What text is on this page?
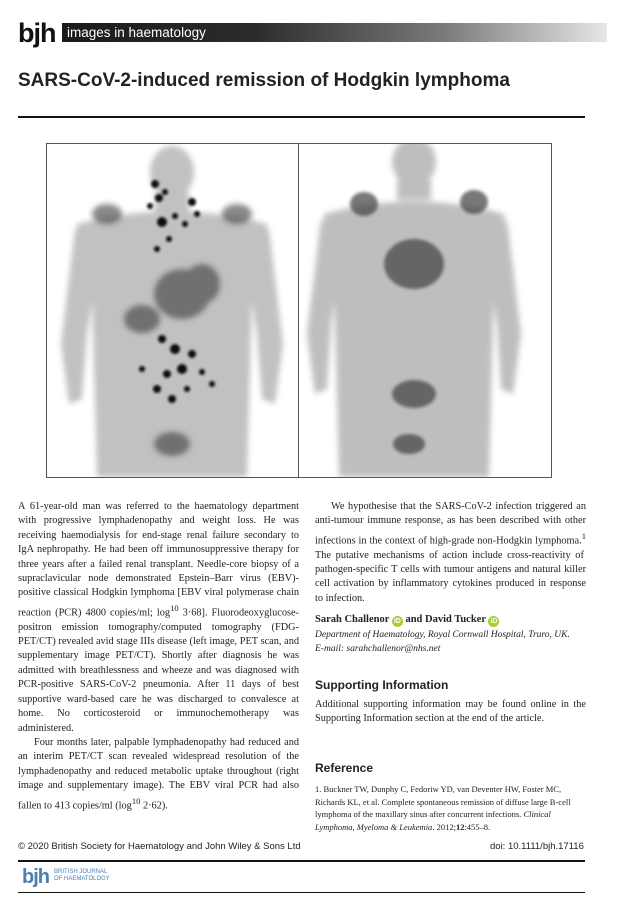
bjh images in haematology
SARS-CoV-2-induced remission of Hodgkin lymphoma

A 61-year-old man was referred to the haematology department with progressive lymphadenopathy and weight loss. He was receiving haemodialysis for end-stage renal failure secondary to IgA nephropathy. He had been off immunosuppressive therapy for three years after a failed renal transplant. Needle-core biopsy of a supraclavicular node demonstrated Epstein–Barr virus (EBV)-positive classical Hodgkin lymphoma [EBV viral polymerase chain reaction (PCR) 4800 copies/ml; $\log^{10} 3\cdot 68$]. Fluorodeoxyglucose-positron emission tomography/computed tomography (FDG-PET/CT) revealed avid stage IIIs disease (left image, PET scan, and supplementary image PET/CT). Shortly after diagnosis he was admitted with breathlessness and wheeze and was diagnosed with PCR-positive SARS-CoV-2 pneumonia. After 11 days of best supportive ward-based care he was discharged to convalesce at home. No corticosteroid or immunochemotherapy was administered.

Four months later, palpable lymphadenopathy had reduced and an interim PET/CT scan revealed widespread resolution of the lymphadenopathy and reduced metabolic uptake throughout (right image and supplementary image). The EBV viral PCR had also fallen to 413 copies/ml ($\log^{10}$ 2·62).

We hypothesise that the SARS-CoV-2 infection triggered an anti-tumour immune response, as has been described with other infections in the context of high-grade non-Hodgkin lymphoma.$^1$ The putative mechanisms of action include cross-reactivity of pathogen-specific T cells with tumour antigens and natural killer cell activation by inflammatory cytokines produced in response to infection.

Sarah Challenor iD and David Tucker iD

Department of Haematology, Royal Cornwall Hospital, Truro, UK.

E-mail: sarahchallenor@nhs.net

Supporting Information

Additional supporting information may be found online in the Supporting Information section at the end of the article.

Reference

1. Buckner TW, Dunphy C, Fedoriw YD, van Deventer HW, Foster MC, Richards KL, et al. Complete spontaneous remission of diffuse large B-cell lymphoma of the maxillary sinus after concurrent infections. Clinical Lymphoma, Myeloma & Leukemia. 2012;12:455–8.

© 2020 British Society for Haematology and John Wiley & Sons Ltd	doi: 10.1111/bjh.17116
bjh BRITISH JOURNAL
OF HAEMATOLOGY
